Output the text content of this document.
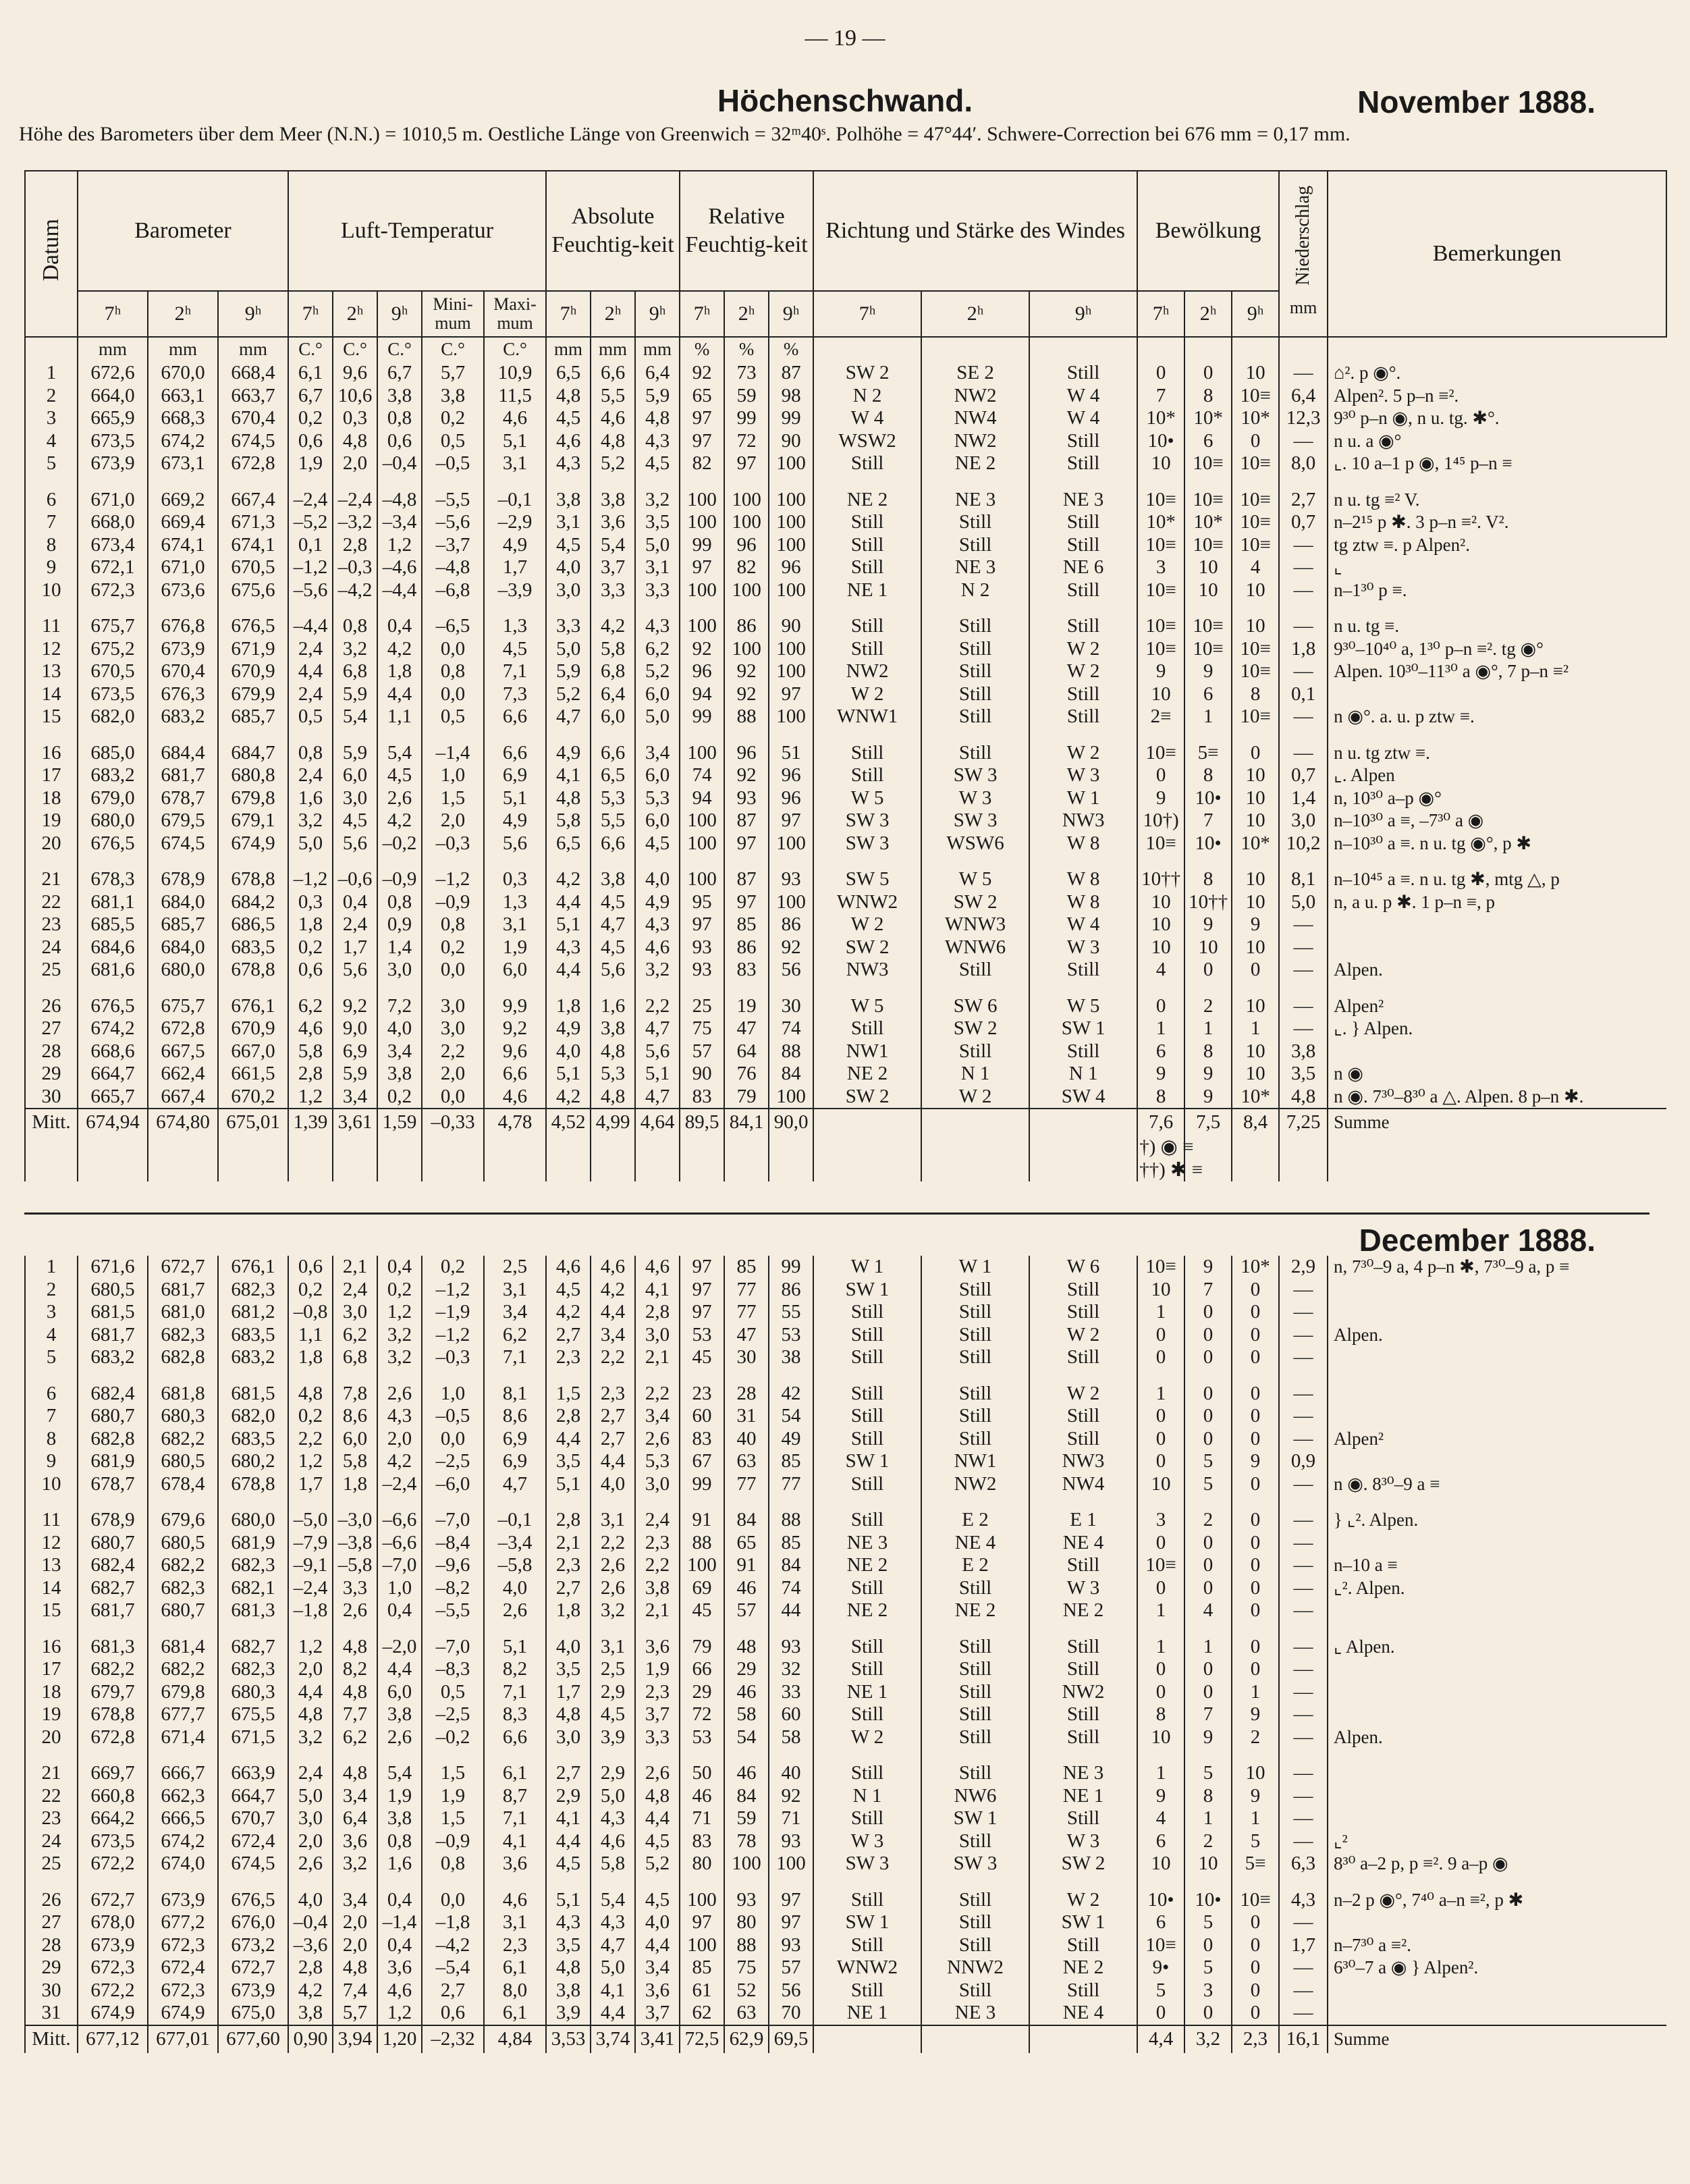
— 19 —
Höchenschwand.	November 1888.
Höhe des Barometers über dem Meer (N.N.) = 1010,5 m. Oestliche Länge von Greenwich = 32ᵐ40ˢ. Polhöhe = 47°44′. Schwere-Correction bei 676 mm = 0,17 mm.
Datum	Barometer			Luft-Temperatur					Absolute Feuchtig-keit			Relative Feuchtig-keit			Richtung und Stärke des Windes			Bewölkung			Niederschlag
mm	Bemerkungen
	7ʰ	2ʰ	9ʰ	7ʰ	2ʰ	9ʰ	Mini-mum	Maxi-mum	7ʰ	2ʰ	9ʰ	7ʰ	2ʰ	9ʰ	7ʰ	2ʰ	9ʰ	7ʰ	2ʰ	9ʰ		
	mm	mm	mm	C.°	C.°	C.°	C.°	C.°	mm	mm	mm	%	%	%								
1	672,6	670,0	668,4	6,1	9,6	6,7	5,7	10,9	6,5	6,6	6,4	92	73	87	SW 2	SE 2	Still	0	0	10	—	⌂². p ◉°.
2	664,0	663,1	663,7	6,7	10,6	3,8	3,8	11,5	4,8	5,5	5,9	65	59	98	N 2	NW2	W 4	7	8	10≡	6,4	Alpen². 5 p–n ≡².
3	665,9	668,3	670,4	0,2	0,3	0,8	0,2	4,6	4,5	4,6	4,8	97	99	99	W 4	NW4	W 4	10*	10*	10*	12,3	9³⁰ p–n ◉, n u. tg. ✱°.
4	673,5	674,2	674,5	0,6	4,8	0,6	0,5	5,1	4,6	4,8	4,3	97	72	90	WSW2	NW2	Still	10•	6	0	—	n u. a ◉°
5	673,9	673,1	672,8	1,9	2,0	–0,4	–0,5	3,1	4,3	5,2	4,5	82	97	100	Still	NE 2	Still	10	10≡	10≡	8,0	⌞. 10 a–1 p ◉, 1⁴⁵ p–n ≡

6	671,0	669,2	667,4	–2,4	–2,4	–4,8	–5,5	–0,1	3,8	3,8	3,2	100	100	100	NE 2	NE 3	NE 3	10≡	10≡	10≡	2,7	n u. tg ≡² V.
7	668,0	669,4	671,3	–5,2	–3,2	–3,4	–5,6	–2,9	3,1	3,6	3,5	100	100	100	Still	Still	Still	10*	10*	10≡	0,7	n–2¹⁵ p ✱. 3 p–n ≡². V².
8	673,4	674,1	674,1	0,1	2,8	1,2	–3,7	4,9	4,5	5,4	5,0	99	96	100	Still	Still	Still	10≡	10≡	10≡	—	tg ztw ≡. p Alpen².
9	672,1	671,0	670,5	–1,2	–0,3	–4,6	–4,8	1,7	4,0	3,7	3,1	97	82	96	Still	NE 3	NE 6	3	10	4	—	⌞
10	672,3	673,6	675,6	–5,6	–4,2	–4,4	–6,8	–3,9	3,0	3,3	3,3	100	100	100	NE 1	N 2	Still	10≡	10	10	—	n–1³⁰ p ≡.

11	675,7	676,8	676,5	–4,4	0,8	0,4	–6,5	1,3	3,3	4,2	4,3	100	86	90	Still	Still	Still	10≡	10≡	10	—	n u. tg ≡.
12	675,2	673,9	671,9	2,4	3,2	4,2	0,0	4,5	5,0	5,8	6,2	92	100	100	Still	Still	W 2	10≡	10≡	10≡	1,8	9³⁰–10⁴⁰ a, 1³⁰ p–n ≡². tg ◉°
13	670,5	670,4	670,9	4,4	6,8	1,8	0,8	7,1	5,9	6,8	5,2	96	92	100	NW2	Still	W 2	9	9	10≡	—	Alpen. 10³⁰–11³⁰ a ◉°, 7 p–n ≡²
14	673,5	676,3	679,9	2,4	5,9	4,4	0,0	7,3	5,2	6,4	6,0	94	92	97	W 2	Still	Still	10	6	8	0,1	
15	682,0	683,2	685,7	0,5	5,4	1,1	0,5	6,6	4,7	6,0	5,0	99	88	100	WNW1	Still	Still	2≡	1	10≡	—	n ◉°. a. u. p ztw ≡.

16	685,0	684,4	684,7	0,8	5,9	5,4	–1,4	6,6	4,9	6,6	3,4	100	96	51	Still	Still	W 2	10≡	5≡	0	—	n u. tg ztw ≡.
17	683,2	681,7	680,8	2,4	6,0	4,5	1,0	6,9	4,1	6,5	6,0	74	92	96	Still	SW 3	W 3	0	8	10	0,7	⌞. Alpen
18	679,0	678,7	679,8	1,6	3,0	2,6	1,5	5,1	4,8	5,3	5,3	94	93	96	W 5	W 3	W 1	9	10•	10	1,4	n, 10³⁰ a–p ◉°
19	680,0	679,5	679,1	3,2	4,5	4,2	2,0	4,9	5,8	5,5	6,0	100	87	97	SW 3	SW 3	NW3	10†)	7	10	3,0	n–10³⁰ a ≡, –7³⁰ a ◉
20	676,5	674,5	674,9	5,0	5,6	–0,2	–0,3	5,6	6,5	6,6	4,5	100	97	100	SW 3	WSW6	W 8	10≡	10•	10*	10,2	n–10³⁰ a ≡. n u. tg ◉°, p ✱

21	678,3	678,9	678,8	–1,2	–0,6	–0,9	–1,2	0,3	4,2	3,8	4,0	100	87	93	SW 5	W 5	W 8	10††	8	10	8,1	n–10⁴⁵ a ≡. n u. tg ✱, mtg △, p
22	681,1	684,0	684,2	0,3	0,4	0,8	–0,9	1,3	4,4	4,5	4,9	95	97	100	WNW2	SW 2	W 8	10	10††	10	5,0	n, a u. p ✱. 1 p–n ≡, p
23	685,5	685,7	686,5	1,8	2,4	0,9	0,8	3,1	5,1	4,7	4,3	97	85	86	W 2	WNW3	W 4	10	9	9	—	
24	684,6	684,0	683,5	0,2	1,7	1,4	0,2	1,9	4,3	4,5	4,6	93	86	92	SW 2	WNW6	W 3	10	10	10	—	
25	681,6	680,0	678,8	0,6	5,6	3,0	0,0	6,0	4,4	5,6	3,2	93	83	56	NW3	Still	Still	4	0	0	—	Alpen.

26	676,5	675,7	676,1	6,2	9,2	7,2	3,0	9,9	1,8	1,6	2,2	25	19	30	W 5	SW 6	W 5	0	2	10	—	Alpen²
27	674,2	672,8	670,9	4,6	9,0	4,0	3,0	9,2	4,9	3,8	4,7	75	47	74	Still	SW 2	SW 1	1	1	1	—	⌞. } Alpen.
28	668,6	667,5	667,0	5,8	6,9	3,4	2,2	9,6	4,0	4,8	5,6	57	64	88	NW1	Still	Still	6	8	10	3,8	
29	664,7	662,4	661,5	2,8	5,9	3,8	2,0	6,6	5,1	5,3	5,1	90	76	84	NE 2	N 1	N 1	9	9	10	3,5	n ◉
30	665,7	667,4	670,2	1,2	3,4	0,2	0,0	4,6	4,2	4,8	4,7	83	79	100	SW 2	W 2	SW 4	8	9	10*	4,8	n ◉. 7³⁰–8³⁰ a △. Alpen. 8 p–n ✱.
Mitt.	674,94	674,80	675,01	1,39	3,61	1,59	–0,33	4,78	4,52	4,99	4,64	89,5	84,1	90,0				7,6	7,5	8,4	7,25	Summe
																		†) ◉ ≡				
																		††) ✱ ≡				
December 1888.
1	671,6	672,7	676,1	0,6	2,1	0,4	0,2	2,5	4,6	4,6	4,6	97	85	99	W 1	W 1	W 6	10≡	9	10*	2,9	n, 7³⁰–9 a, 4 p–n ✱, 7³⁰–9 a, p ≡
2	680,5	681,7	682,3	0,2	2,4	0,2	–1,2	3,1	4,5	4,2	4,1	97	77	86	SW 1	Still	Still	10	7	0	—	
3	681,5	681,0	681,2	–0,8	3,0	1,2	–1,9	3,4	4,2	4,4	2,8	97	77	55	Still	Still	Still	1	0	0	—	
4	681,7	682,3	683,5	1,1	6,2	3,2	–1,2	6,2	2,7	3,4	3,0	53	47	53	Still	Still	W 2	0	0	0	—	Alpen.
5	683,2	682,8	683,2	1,8	6,8	3,2	–0,3	7,1	2,3	2,2	2,1	45	30	38	Still	Still	Still	0	0	0	—	

6	682,4	681,8	681,5	4,8	7,8	2,6	1,0	8,1	1,5	2,3	2,2	23	28	42	Still	Still	W 2	1	0	0	—	
7	680,7	680,3	682,0	0,2	8,6	4,3	–0,5	8,6	2,8	2,7	3,4	60	31	54	Still	Still	Still	0	0	0	—	
8	682,8	682,2	683,5	2,2	6,0	2,0	0,0	6,9	4,4	2,7	2,6	83	40	49	Still	Still	Still	0	0	0	—	Alpen²
9	681,9	680,5	680,2	1,2	5,8	4,2	–2,5	6,9	3,5	4,4	5,3	67	63	85	SW 1	NW1	NW3	0	5	9	0,9	
10	678,7	678,4	678,8	1,7	1,8	–2,4	–6,0	4,7	5,1	4,0	3,0	99	77	77	Still	NW2	NW4	10	5	0	—	n ◉. 8³⁰–9 a ≡

11	678,9	679,6	680,0	–5,0	–3,0	–6,6	–7,0	–0,1	2,8	3,1	2,4	91	84	88	Still	E 2	E 1	3	2	0	—	} ⌞². Alpen.
12	680,7	680,5	681,9	–7,9	–3,8	–6,6	–8,4	–3,4	2,1	2,2	2,3	88	65	85	NE 3	NE 4	NE 4	0	0	0	—	
13	682,4	682,2	682,3	–9,1	–5,8	–7,0	–9,6	–5,8	2,3	2,6	2,2	100	91	84	NE 2	E 2	Still	10≡	0	0	—	n–10 a ≡
14	682,7	682,3	682,1	–2,4	3,3	1,0	–8,2	4,0	2,7	2,6	3,8	69	46	74	Still	Still	W 3	0	0	0	—	⌞². Alpen.
15	681,7	680,7	681,3	–1,8	2,6	0,4	–5,5	2,6	1,8	3,2	2,1	45	57	44	NE 2	NE 2	NE 2	1	4	0	—	

16	681,3	681,4	682,7	1,2	4,8	–2,0	–7,0	5,1	4,0	3,1	3,6	79	48	93	Still	Still	Still	1	1	0	—	⌞ Alpen.
17	682,2	682,2	682,3	2,0	8,2	4,4	–8,3	8,2	3,5	2,5	1,9	66	29	32	Still	Still	Still	0	0	0	—	
18	679,7	679,8	680,3	4,4	4,8	6,0	0,5	7,1	1,7	2,9	2,3	29	46	33	NE 1	Still	NW2	0	0	1	—	
19	678,8	677,7	675,5	4,8	7,7	3,8	–2,5	8,3	4,8	4,5	3,7	72	58	60	Still	Still	Still	8	7	9	—	
20	672,8	671,4	671,5	3,2	6,2	2,6	–0,2	6,6	3,0	3,9	3,3	53	54	58	W 2	Still	Still	10	9	2	—	Alpen.

21	669,7	666,7	663,9	2,4	4,8	5,4	1,5	6,1	2,7	2,9	2,6	50	46	40	Still	Still	NE 3	1	5	10	—	
22	660,8	662,3	664,7	5,0	3,4	1,9	1,9	8,7	2,9	5,0	4,8	46	84	92	N 1	NW6	NE 1	9	8	9	—	
23	664,2	666,5	670,7	3,0	6,4	3,8	1,5	7,1	4,1	4,3	4,4	71	59	71	Still	SW 1	Still	4	1	1	—	
24	673,5	674,2	672,4	2,0	3,6	0,8	–0,9	4,1	4,4	4,6	4,5	83	78	93	W 3	Still	W 3	6	2	5	—	⌞²
25	672,2	674,0	674,5	2,6	3,2	1,6	0,8	3,6	4,5	5,8	5,2	80	100	100	SW 3	SW 3	SW 2	10	10	5≡	6,3	8³⁰ a–2 p, p ≡². 9 a–p ◉

26	672,7	673,9	676,5	4,0	3,4	0,4	0,0	4,6	5,1	5,4	4,5	100	93	97	Still	Still	W 2	10•	10•	10≡	4,3	n–2 p ◉°, 7⁴⁰ a–n ≡², p ✱
27	678,0	677,2	676,0	–0,4	2,0	–1,4	–1,8	3,1	4,3	4,3	4,0	97	80	97	SW 1	Still	SW 1	6	5	0	—	
28	673,9	672,3	673,2	–3,6	2,0	0,4	–4,2	2,3	3,5	4,7	4,4	100	88	93	Still	Still	Still	10≡	0	0	1,7	n–7³⁰ a ≡².
29	672,3	672,4	672,7	2,8	4,8	3,6	–5,4	6,1	4,8	5,0	3,4	85	75	57	WNW2	NNW2	NE 2	9•	5	0	—	6³⁰–7 a ◉ } Alpen².
30	672,2	672,3	673,9	4,2	7,4	4,6	2,7	8,0	3,8	4,1	3,6	61	52	56	Still	Still	Still	5	3	0	—	
31	674,9	674,9	675,0	3,8	5,7	1,2	0,6	6,1	3,9	4,4	3,7	62	63	70	NE 1	NE 3	NE 4	0	0	0	—	
Mitt.	677,12	677,01	677,60	0,90	3,94	1,20	–2,32	4,84	3,53	3,74	3,41	72,5	62,9	69,5				4,4	3,2	2,3	16,1	Summe
